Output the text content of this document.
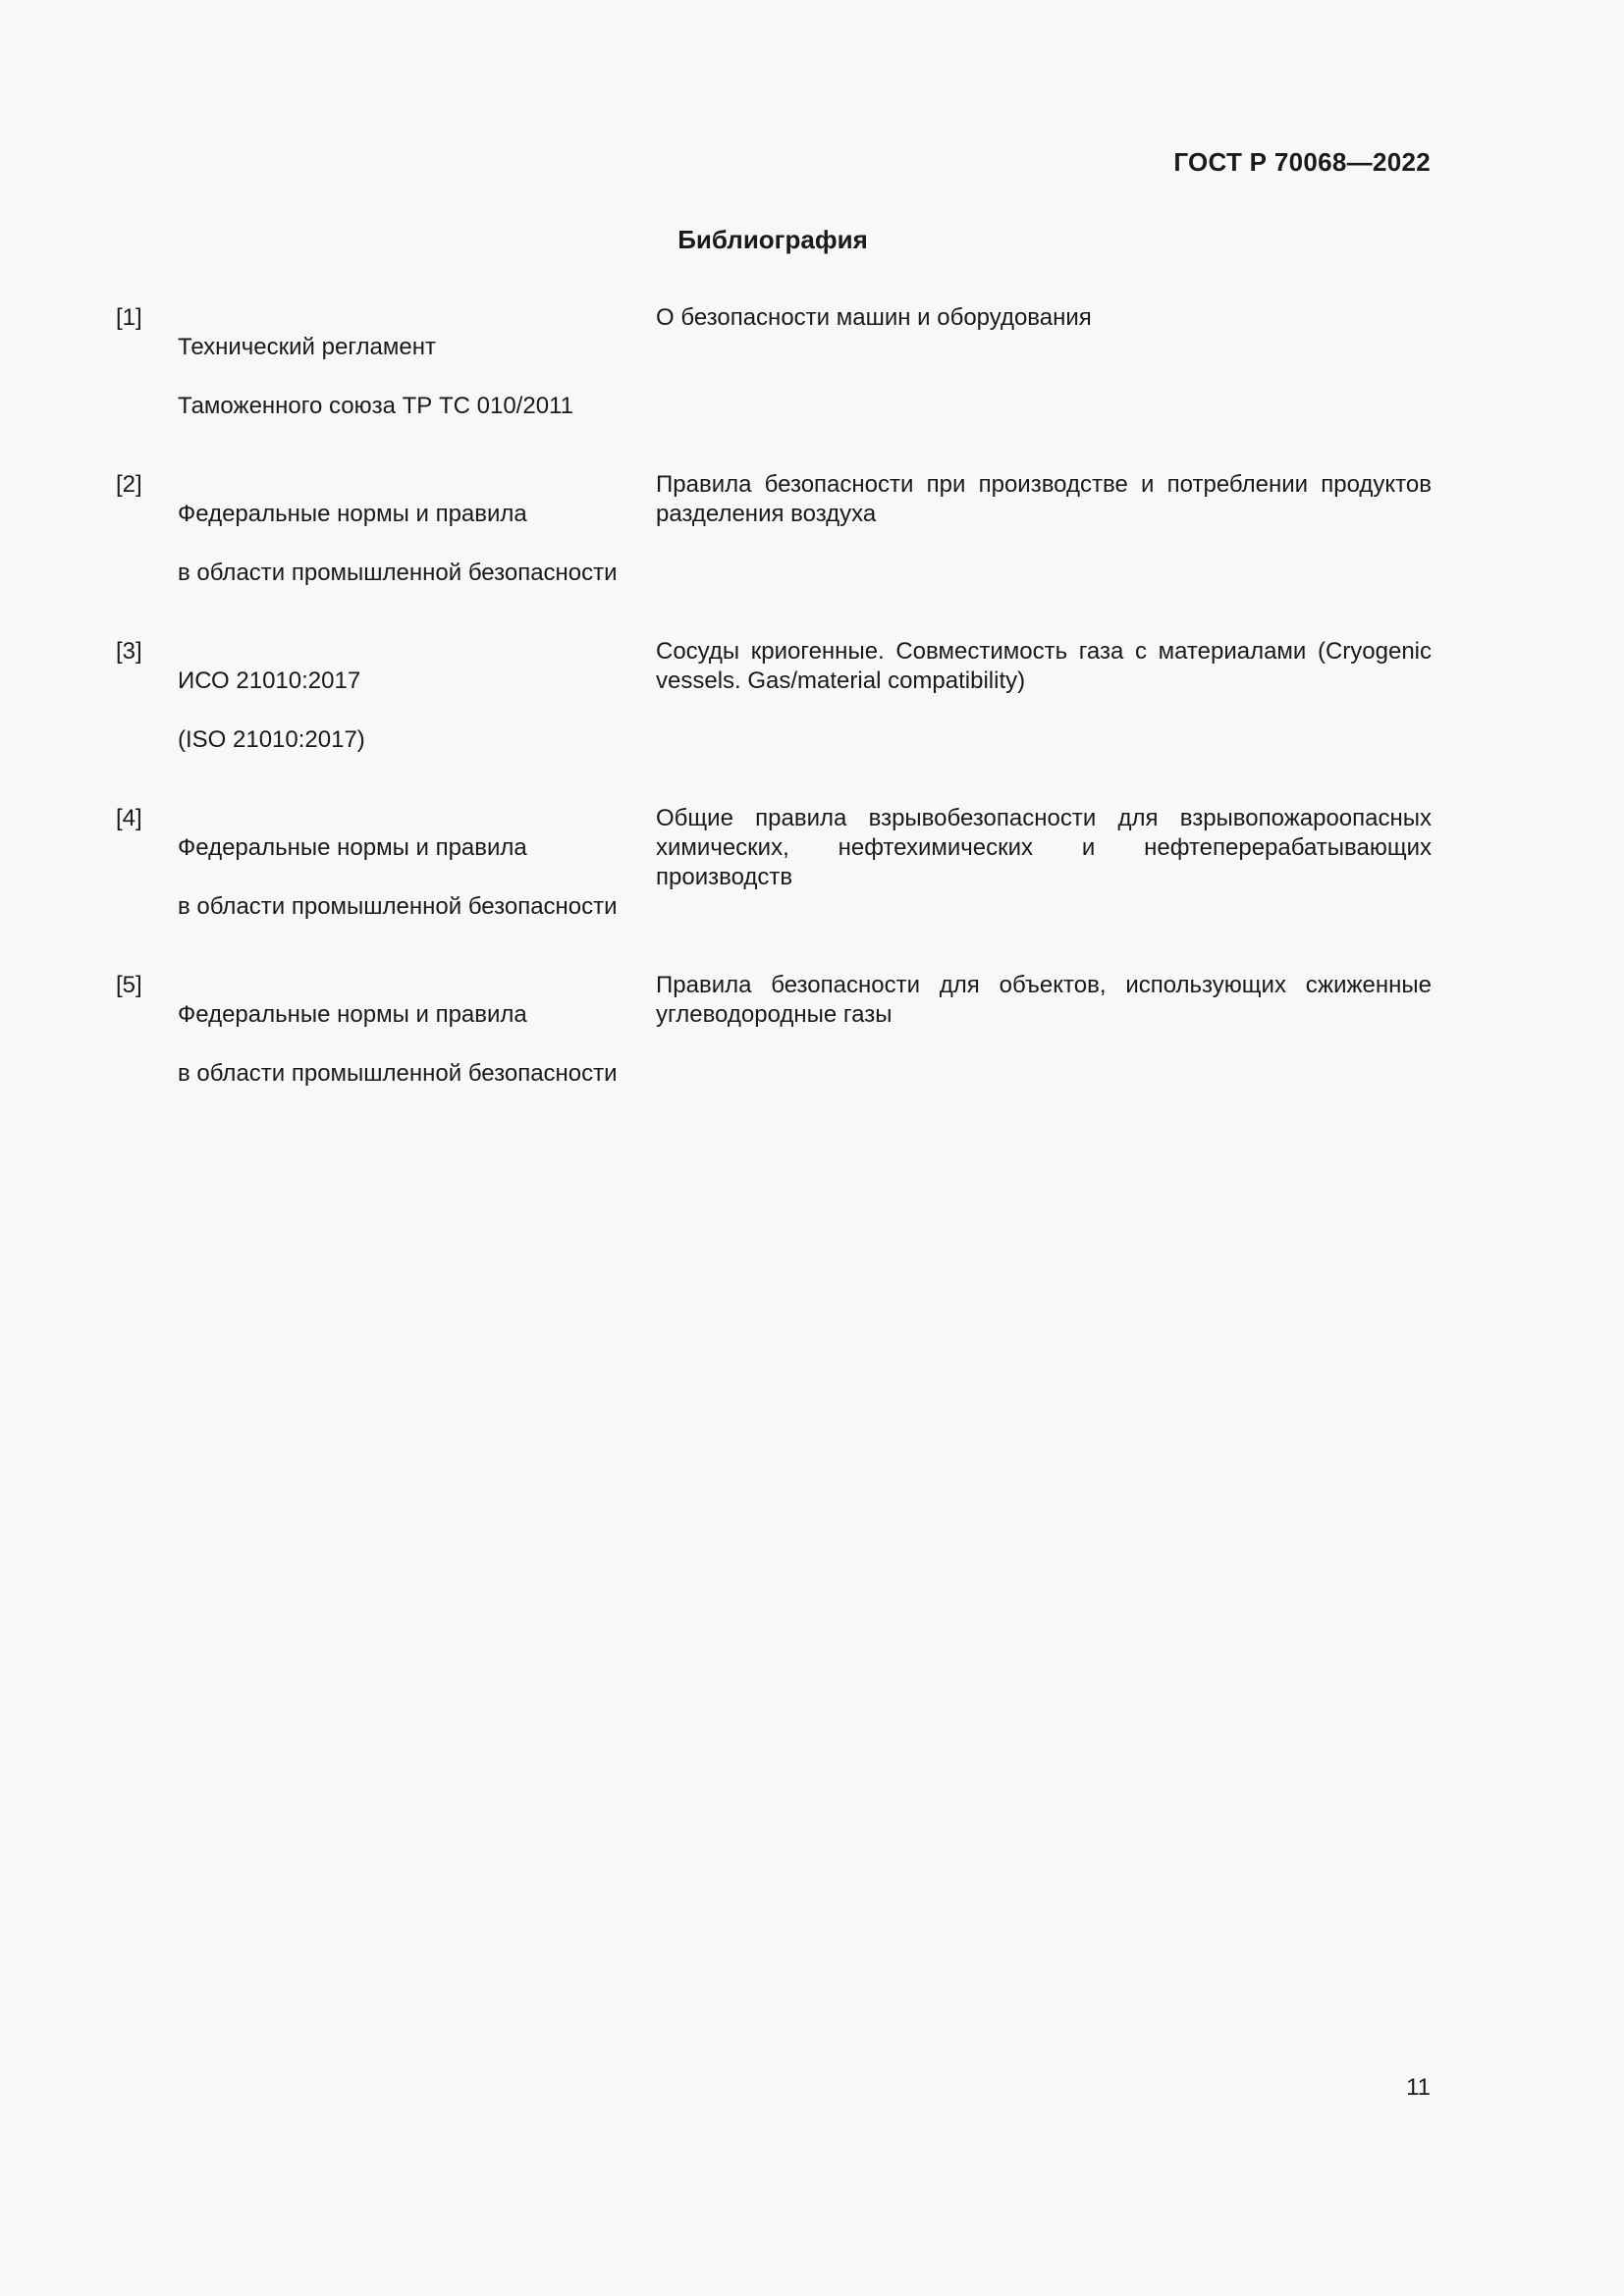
ГОСТ Р 70068—2022
Библиография
[1]

Технический регламент

Таможенного союза ТР ТС 010/2011

О безопасности машин и оборудования
[2]

Федеральные нормы и правила

в области промышленной безопасности

Правила безопасности при производстве и потреблении продуктов разделения воздуха
[3]

ИСО 21010:2017

(ISO 21010:2017)

Сосуды криогенные. Совместимость газа с материалами (Cryogenic vessels. Gas/material compatibility)
[4]

Федеральные нормы и правила

в области промышленной безопасности

Общие правила взрывобезопасности для взрывопожароопасных химических, нефтехимических и нефтеперерабатывающих производств
[5]

Федеральные нормы и правила

в области промышленной безопасности

Правила безопасности для объектов, использующих сжиженные углеводородные газы
11
